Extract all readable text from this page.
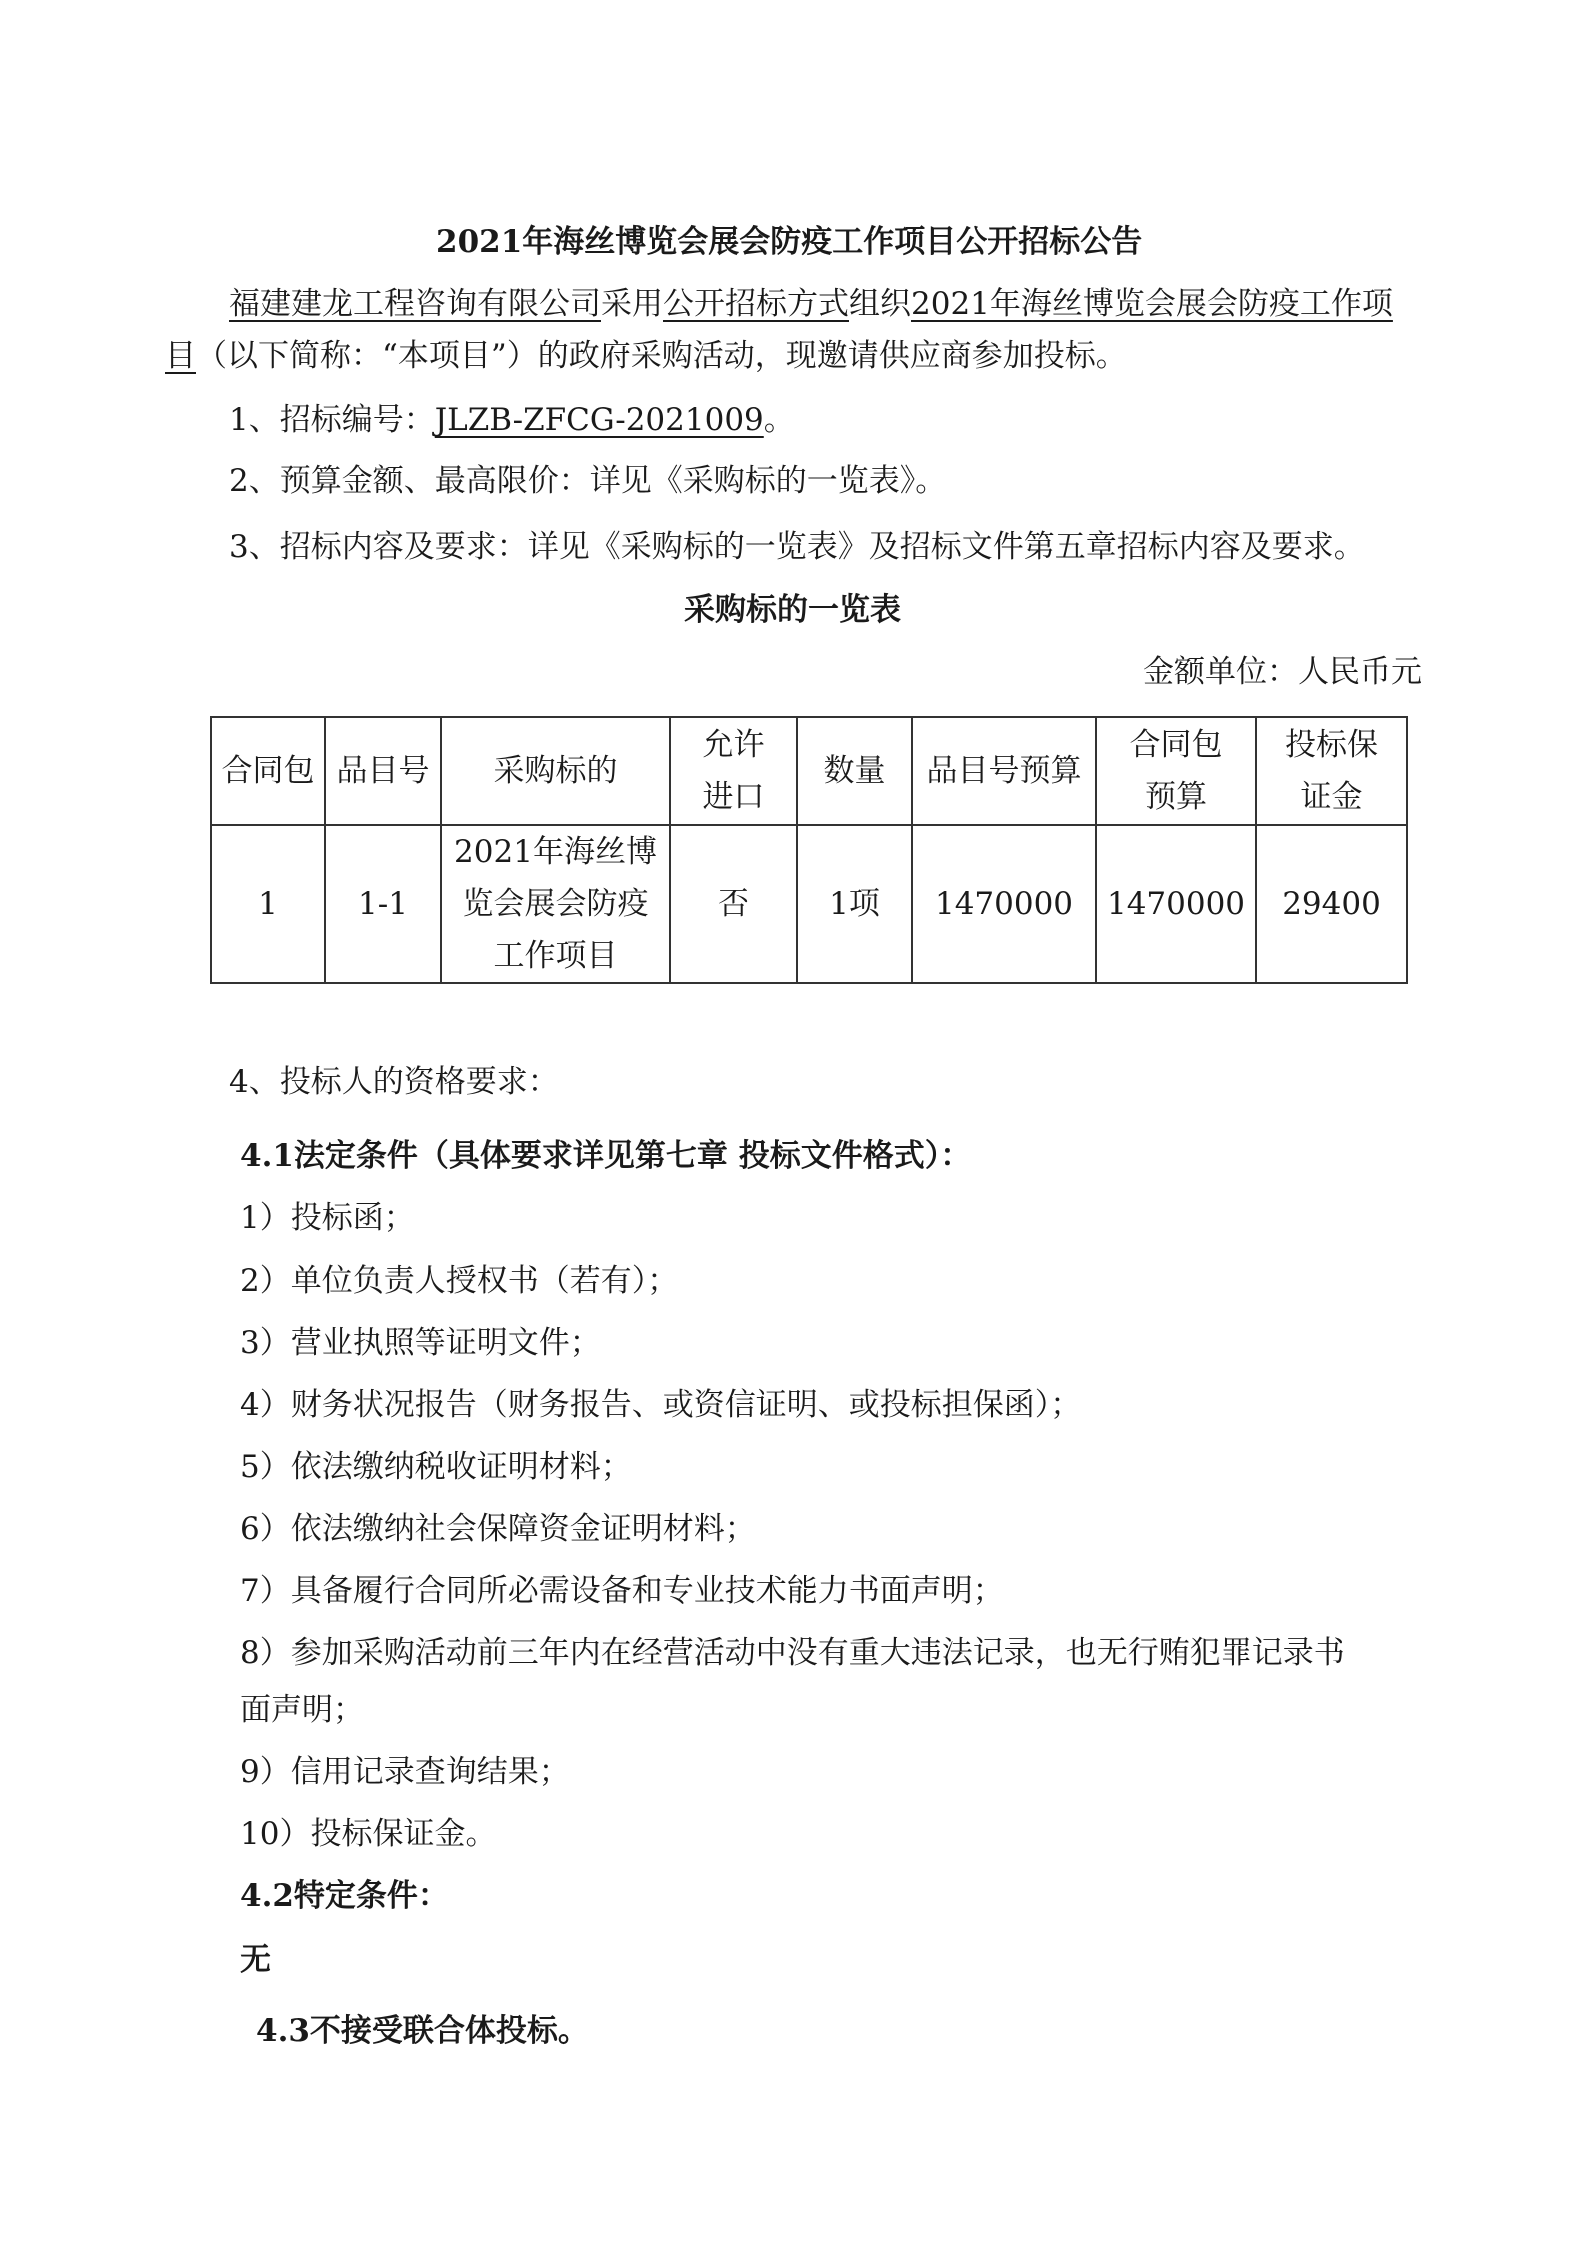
2021年海丝博览会展会防疫工作项目公开招标公告
福建建龙工程咨询有限公司采用公开招标方式组织2021年海丝博览会展会防疫工作项
目（以下简称：“本项目”）的政府采购活动，现邀请供应商参加投标。
1、招标编号：JLZB-ZFCG-2021009。
2、预算金额、最高限价：详见《采购标的一览表》。
3、招标内容及要求：详见《采购标的一览表》及招标文件第五章招标内容及要求。
采购标的一览表
金额单位：人民币元
合同包	品目号	采购标的	允许进口	数量	品目号预算	合同包预算	投标保证金
1	1-1	2021年海丝博览会展会防疫工作项目	否	1项	1470000	1470000	29400
4、投标人的资格要求：
4.1法定条件（具体要求详见第七章 投标文件格式）：
1）投标函；
2）单位负责人授权书（若有）；
3）营业执照等证明文件；
4）财务状况报告（财务报告、或资信证明、或投标担保函）；
5）依法缴纳税收证明材料；
6）依法缴纳社会保障资金证明材料；
7）具备履行合同所必需设备和专业技术能力书面声明；
8）参加采购活动前三年内在经营活动中没有重大违法记录，也无行贿犯罪记录书
面声明；
9）信用记录查询结果；
10）投标保证金。
4.2特定条件：
无
4.3不接受联合体投标。
